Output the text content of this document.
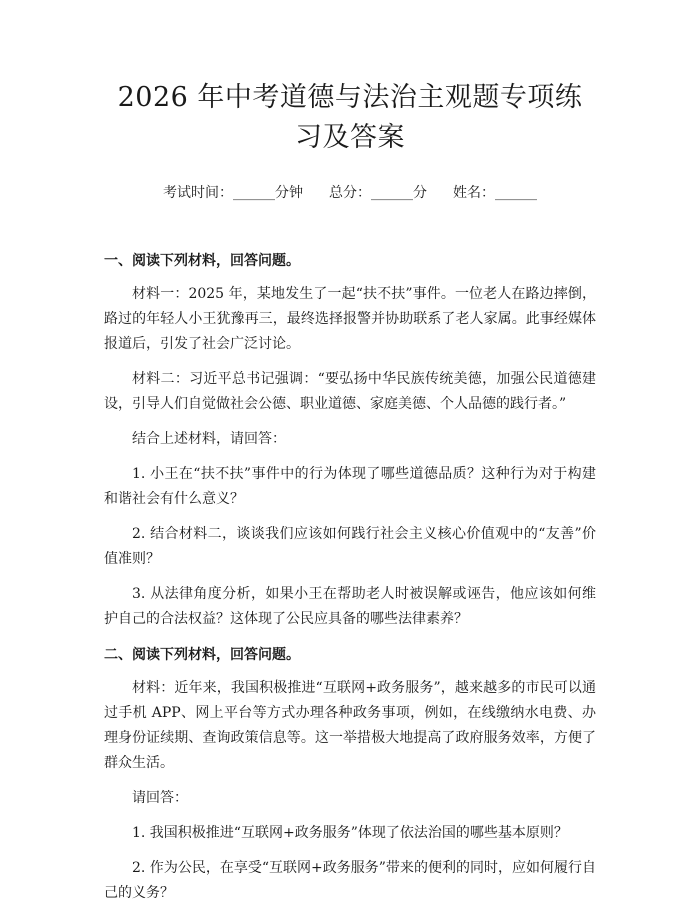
2026 年中考道德与法治主观题专项练习及答案
考试时间：______分钟 总分：______分 姓名：______
一、阅读下列材料，回答问题。

材料一：2025 年，某地发生了一起“扶不扶”事件。一位老人在路边摔倒，路过的年轻人小王犹豫再三，最终选择报警并协助联系了老人家属。此事经媒体报道后，引发了社会广泛讨论。

材料二：习近平总书记强调：“要弘扬中华民族传统美德，加强公民道德建设，引导人们自觉做社会公德、职业道德、家庭美德、个人品德的践行者。”

结合上述材料，请回答：

1. 小王在“扶不扶”事件中的行为体现了哪些道德品质？这种行为对于构建和谐社会有什么意义？

2. 结合材料二，谈谈我们应该如何践行社会主义核心价值观中的“友善”价值准则？

3. 从法律角度分析，如果小王在帮助老人时被误解或诬告，他应该如何维护自己的合法权益？这体现了公民应具备的哪些法律素养？

二、阅读下列材料，回答问题。

材料：近年来，我国积极推进“互联网+政务服务”，越来越多的市民可以通过手机 APP、网上平台等方式办理各种政务事项，例如，在线缴纳水电费、办理身份证续期、查询政策信息等。这一举措极大地提高了政府服务效率，方便了群众生活。

请回答：

1. 我国积极推进“互联网+政务服务”体现了依法治国的哪些基本原则？

2. 作为公民，在享受“互联网+政务服务”带来的便利的同时，应如何履行自己的义务？
